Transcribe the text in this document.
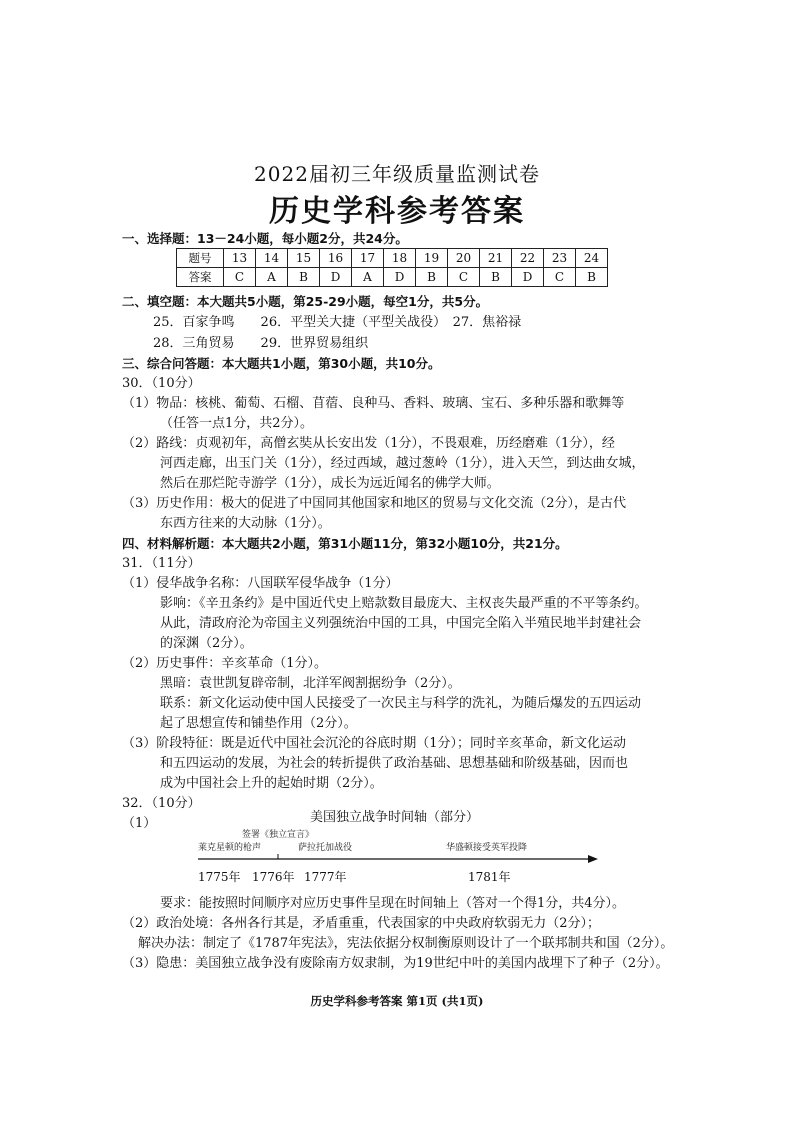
2022届初三年级质量监测试卷
历史学科参考答案
一、选择题：13－24小题，每小题2分，共24分。
题号	13	14	15	16	17	18	19	20	21	22	23	24
答案	C	A	B	D	A	D	B	C	B	D	C	B
二、填空题：本大题共5小题，第25-29小题，每空1分，共5分。
25．百家争鸣　　26．平型关大捷（平型关战役）　27．焦裕禄
28．三角贸易　　29．世界贸易组织
三、综合问答题：本大题共1小题，第30小题，共10分。
30．（10分）
（1）物品：核桃、葡萄、石榴、苜蓿、良种马、香料、玻璃、宝石、多种乐器和歌舞等
（任答一点1分，共2分）。
（2）路线：贞观初年，高僧玄奘从长安出发（1分），不畏艰难，历经磨难（1分），经
河西走廊，出玉门关（1分），经过西域，越过葱岭（1分），进入天竺，到达曲女城，
然后在那烂陀寺游学（1分），成长为远近闻名的佛学大师。
（3）历史作用：极大的促进了中国同其他国家和地区的贸易与文化交流（2分），是古代
东西方往来的大动脉（1分）。
四、材料解析题：本大题共2小题，第31小题11分，第32小题10分，共21分。
31．（11分）
（1）侵华战争名称：八国联军侵华战争（1分）
影响：《辛丑条约》是中国近代史上赔款数目最庞大、主权丧失最严重的不平等条约。
从此，清政府沦为帝国主义列强统治中国的工具，中国完全陷入半殖民地半封建社会
的深渊（2分）。
（2）历史事件：辛亥革命（1分）。
黑暗：袁世凯复辟帝制，北洋军阀割据纷争（2分）。
联系：新文化运动使中国人民接受了一次民主与科学的洗礼，为随后爆发的五四运动
起了思想宣传和铺垫作用（2分）。
（3）阶段特征：既是近代中国社会沉沦的谷底时期（1分）；同时辛亥革命，新文化运动
和五四运动的发展，为社会的转折提供了政治基础、思想基础和阶级基础，因而也
成为中国社会上升的起始时期（2分）。
32．（10分）
（1）	美国独立战争时间轴（部分）
莱克星顿的枪声
签署《独立宣言》
萨拉托加战役	华盛顿接受英军投降
1775年 1776年 1777年	1781年
要求：能按照时间顺序对应历史事件呈现在时间轴上（答对一个得1分，共4分）。
（2）政治处境：各州各行其是，矛盾重重，代表国家的中央政府软弱无力（2分）；
解决办法：制定了《1787年宪法》，宪法依据分权制衡原则设计了一个联邦制共和国（2分）。
（3）隐患：美国独立战争没有废除南方奴隶制，为19世纪中叶的美国内战埋下了种子（2分）。
历史学科参考答案 第1页 (共1页)
